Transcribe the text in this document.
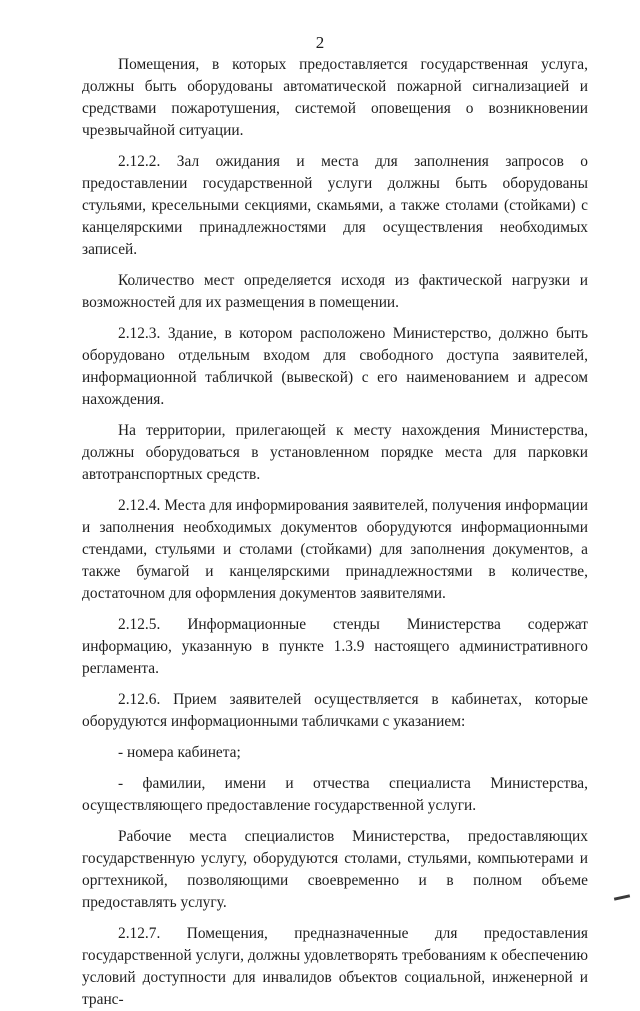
2

Помещения, в которых предоставляется государственная услуга, должны быть оборудованы автоматической пожарной сигнализацией и средствами пожаротушения, системой оповещения о возникновении чрезвычайной ситуации.

2.12.2. Зал ожидания и места для заполнения запросов о предоставлении государственной услуги должны быть оборудованы стульями, кресельными секциями, скамьями, а также столами (стойками) с канцелярскими принадлежностями для осуществления необходимых записей.

Количество мест определяется исходя из фактической нагрузки и возможностей для их размещения в помещении.

2.12.3. Здание, в котором расположено Министерство, должно быть оборудовано отдельным входом для свободного доступа заявителей, информационной табличкой (вывеской) с его наименованием и адресом нахождения.

На территории, прилегающей к месту нахождения Министерства, должны оборудоваться в установленном порядке места для парковки автотранспортных средств.

2.12.4. Места для информирования заявителей, получения информации и заполнения необходимых документов оборудуются информационными стендами, стульями и столами (стойками) для заполнения документов, а также бумагой и канцелярскими принадлежностями в количестве, достаточном для оформления документов заявителями.

2.12.5. Информационные стенды Министерства содержат информацию, указанную в пункте 1.3.9 настоящего административного регламента.

2.12.6. Прием заявителей осуществляется в кабинетах, которые оборудуются информационными табличками с указанием:

- номера кабинета;

- фамилии, имени и отчества специалиста Министерства, осуществляющего предоставление государственной услуги.

Рабочие места специалистов Министерства, предоставляющих государственную услугу, оборудуются столами, стульями, компьютерами и оргтехникой, позволяющими своевременно и в полном объеме предоставлять услугу.

2.12.7. Помещения, предназначенные для предоставления государственной услуги, должны удовлетворять требованиям к обеспечению условий доступности для инвалидов объектов социальной, инженерной и транс-
